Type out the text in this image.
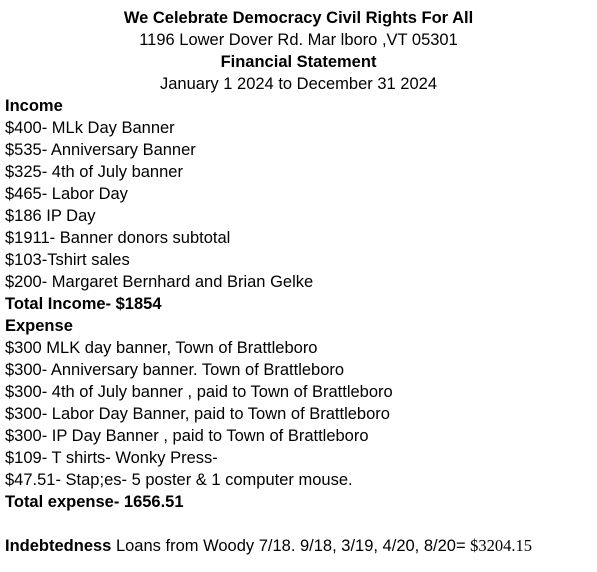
We Celebrate Democracy Civil Rights For All
1196 Lower Dover Rd. Mar lboro ,VT 05301
Financial Statement
January 1 2024 to December 31 2024
Income
$400- MLk Day Banner
$535- Anniversary Banner
$325- 4th of July banner
$465- Labor Day
$186 IP Day
$1911- Banner donors subtotal
$103-Tshirt sales
$200- Margaret Bernhard and Brian Gelke
Total Income- $1854
Expense
$300 MLK day banner, Town of Brattleboro
$300- Anniversary banner. Town of Brattleboro
$300- 4th of July banner , paid to Town of Brattleboro
$300- Labor Day Banner, paid to Town of Brattleboro
$300- IP Day Banner , paid to Town of Brattleboro
$109- T shirts- Wonky Press-
$47.51- Stap;es- 5 poster & 1 computer mouse.
Total expense- 1656.51
Indebtedness Loans from Woody 7/18. 9/18, 3/19, 4/20, 8/20= $3204.15
